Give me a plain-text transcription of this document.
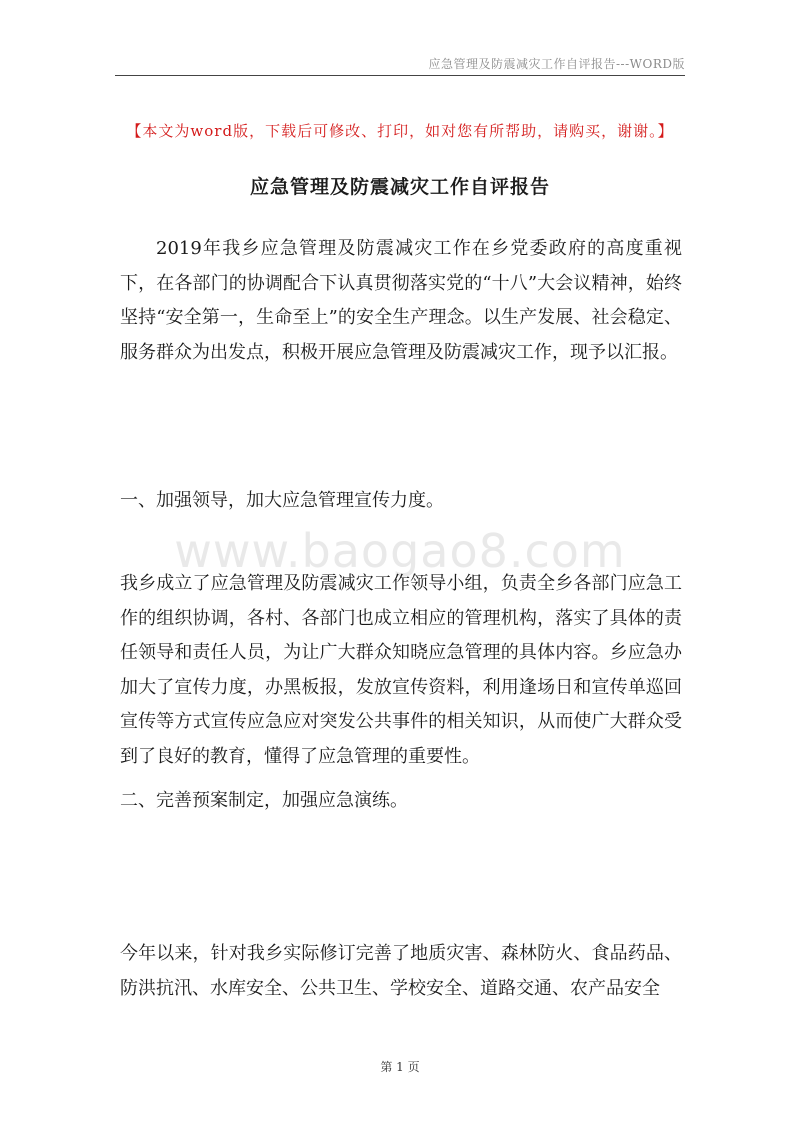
应急管理及防震减灾工作自评报告---WORD版
【本文为word版，下载后可修改、打印，如对您有所帮助，请购买，谢谢。】
应急管理及防震减灾工作自评报告

2019年我乡应急管理及防震减灾工作在乡党委政府的高度重视下，在各部门的协调配合下认真贯彻落实党的“十八”大会议精神，始终坚持“安全第一，生命至上”的安全生产理念。以生产发展、社会稳定、服务群众为出发点，积极开展应急管理及防震减灾工作，现予以汇报。

一、加强领导，加大应急管理宣传力度。

www.baogao8.com

我乡成立了应急管理及防震减灾工作领导小组，负责全乡各部门应急工作的组织协调，各村、各部门也成立相应的管理机构，落实了具体的责任领导和责任人员，为让广大群众知晓应急管理的具体内容。乡应急办加大了宣传力度，办黑板报，发放宣传资料，利用逢场日和宣传单巡回宣传等方式宣传应急应对突发公共事件的相关知识，从而使广大群众受到了良好的教育，懂得了应急管理的重要性。

二、完善预案制定，加强应急演练。

今年以来，针对我乡实际修订完善了地质灾害、森林防火、食品药品、防洪抗汛、水库安全、公共卫生、学校安全、道路交通、农产品安全

第 1 页
